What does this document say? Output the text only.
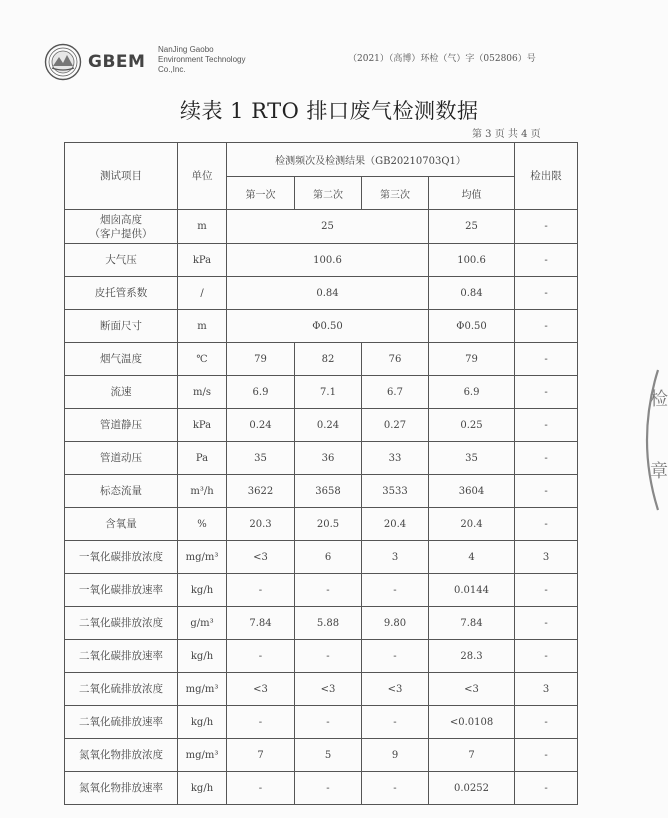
GBEM
NanJing Gaobo
Environment Technology
Co.,Inc.
（2021）（高博）环检（气）字（052806）号
续表 1 RTO 排口废气检测数据
第 3 页 共 4 页
测试项目	单位	检测频次及检测结果（GB20210703Q1）				检出限
		第一次	第二次	第三次	均值	
烟囱高度
（客户提供）	m	25			25	-
大气压	kPa	100.6			100.6	-
皮托管系数	/	0.84			0.84	-
断面尺寸	m	Φ0.50			Φ0.50	-
烟气温度	℃	79	82	76	79	-
流速	m/s	6.9	7.1	6.7	6.9	-
管道静压	kPa	0.24	0.24	0.27	0.25	-
管道动压	Pa	35	36	33	35	-
标态流量	m³/h	3622	3658	3533	3604	-
含氧量	%	20.3	20.5	20.4	20.4	-
一氧化碳排放浓度	mg/m³	<3	6	3	4	3
一氧化碳排放速率	kg/h	-	-	-	0.0144	-
二氧化碳排放浓度	g/m³	7.84	5.88	9.80	7.84	-
二氧化碳排放速率	kg/h	-	-	-	28.3	-
二氧化硫排放浓度	mg/m³	<3	<3	<3	<3	3
二氧化硫排放速率	kg/h	-	-	-	<0.0108	-
氮氧化物排放浓度	mg/m³	7	5	9	7	-
氮氧化物排放速率	kg/h	-	-	-	0.0252	-
检
章
